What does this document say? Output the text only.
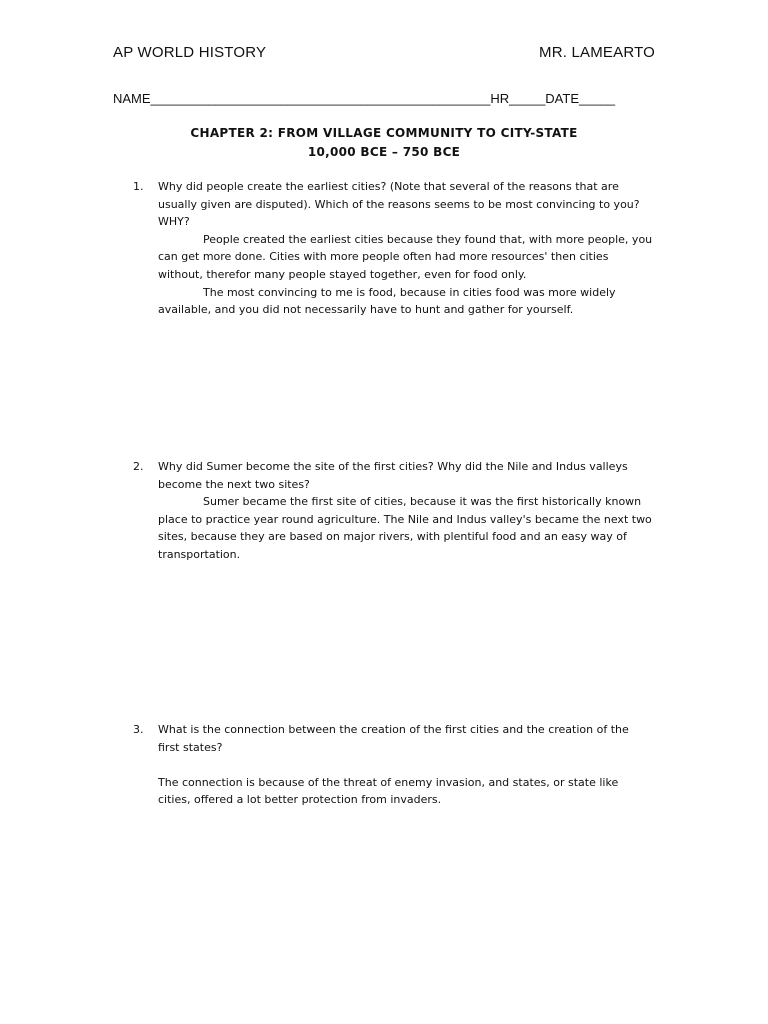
AP WORLD HISTORY	MR. LAMEARTO
NAME_______________________________________________HR_____DATE_____
CHAPTER 2: FROM VILLAGE COMMUNITY TO CITY-STATE
10,000 BCE – 750 BCE
1. Why did people create the earliest cities? (Note that several of the reasons that are usually given are disputed). Which of the reasons seems to be most convincing to you? WHY?
People created the earliest cities because they found that, with more people, you can get more done. Cities with more people often had more resources' then cities without, therefor many people stayed together, even for food only.
The most convincing to me is food, because in cities food was more widely available, and you did not necessarily have to hunt and gather for yourself.
2. Why did Sumer become the site of the first cities? Why did the Nile and Indus valleys become the next two sites?
Sumer became the first site of cities, because it was the first historically known place to practice year round agriculture. The Nile and Indus valley's became the next two sites, because they are based on major rivers, with plentiful food and an easy way of transportation.
3. What is the connection between the creation of the first cities and the creation of the first states?
The connection is because of the threat of enemy invasion, and states, or state like cities, offered a lot better protection from invaders.
